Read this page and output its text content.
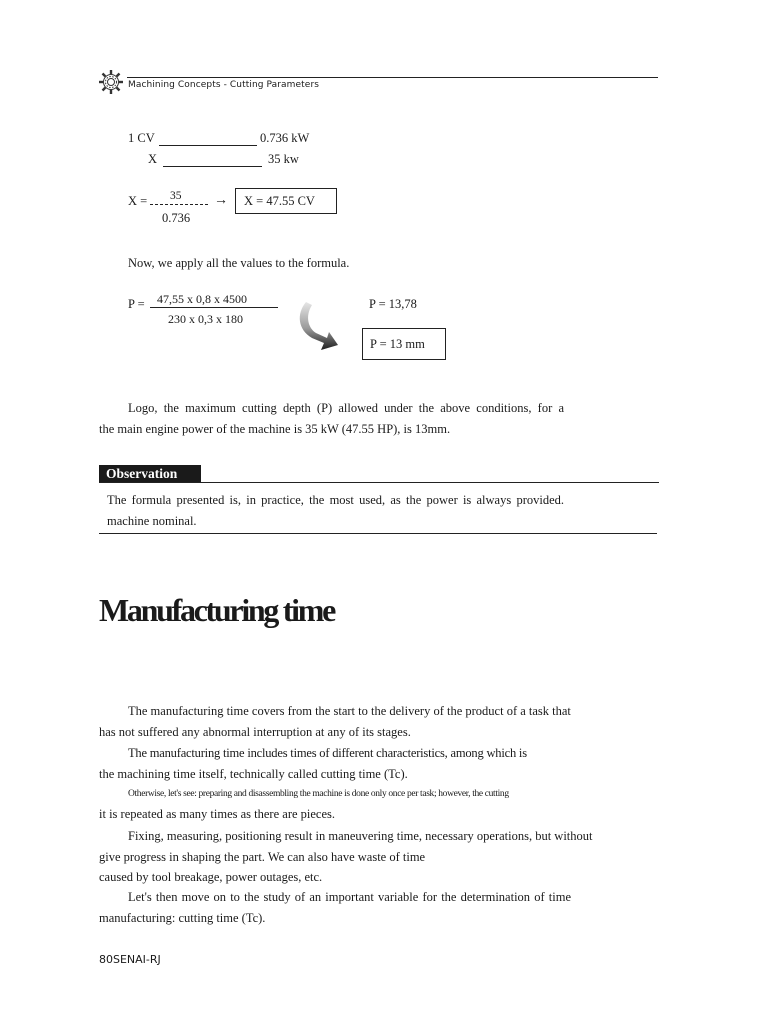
Machining Concepts - Cutting Parameters
1 CV	0.736 kW
X	35 kw
X = 35
0.736
→	X = 47.55 CV
Now, we apply all the values to the formula.
P = 47,55 x 0,8 x 4500
230 x 0,3 x 180
P = 13,78
P = 13 mm
Logo, the maximum cutting depth (P) allowed under the above conditions, for a
the main engine power of the machine is 35 kW (47.55 HP), is 13mm.
Observation
The formula presented is, in practice, the most used, as the power is always provided.
machine nominal.
Manufacturing time
The manufacturing time covers from the start to the delivery of the product of a task that
has not suffered any abnormal interruption at any of its stages.
The manufacturing time includes times of different characteristics, among which is
the machining time itself, technically called cutting time (Tc).
Otherwise, let's see: preparing and disassembling the machine is done only once per task; however, the cutting
it is repeated as many times as there are pieces.
Fixing, measuring, positioning result in maneuvering time, necessary operations, but without
give progress in shaping the part. We can also have waste of time
caused by tool breakage, power outages, etc.
Let's then move on to the study of an important variable for the determination of time
manufacturing: cutting time (Tc).
80SENAI-RJ
